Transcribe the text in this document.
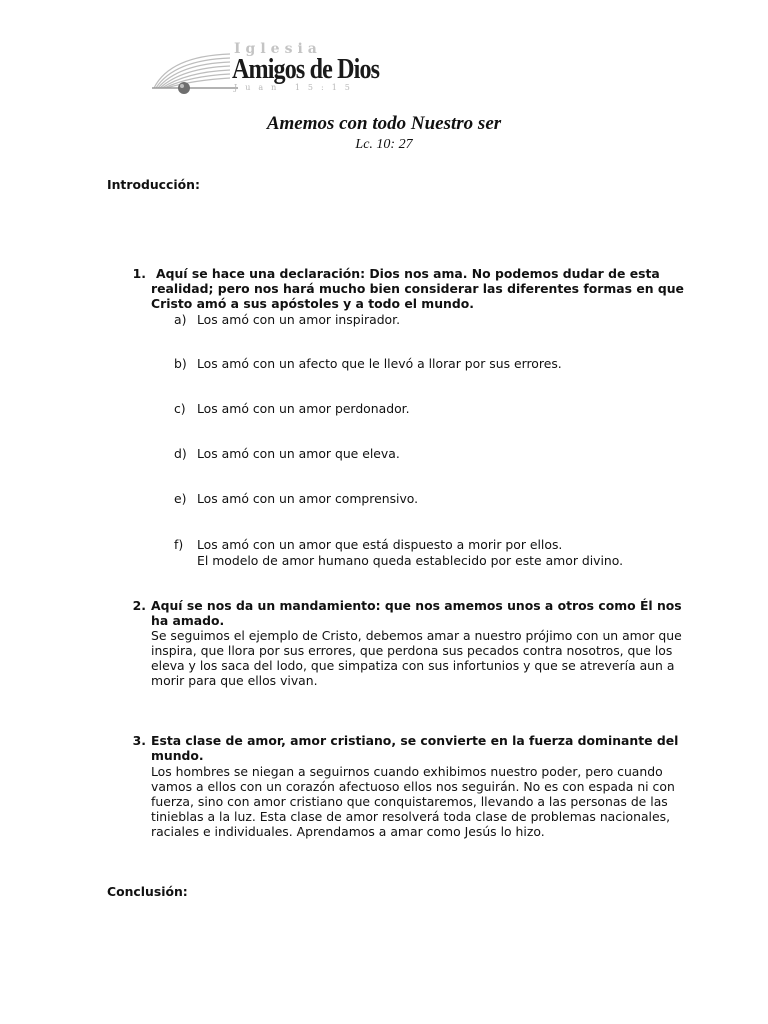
Iglesia
Amigos de Dios
Juan 15:15
Amemos con todo Nuestro ser
Lc. 10: 27
Introducción:
1. Aquí se hace una declaración: Dios nos ama. No podemos dudar de esta
realidad; pero nos hará mucho bien considerar las diferentes formas en que
Cristo amó a sus apóstoles y a todo el mundo.
a) Los amó con un amor inspirador.
b) Los amó con un afecto que le llevó a llorar por sus errores.
c) Los amó con un amor perdonador.
d) Los amó con un amor que eleva.
e) Los amó con un amor comprensivo.
f) Los amó con un amor que está dispuesto a morir por ellos.
El modelo de amor humano queda establecido por este amor divino.
2. Aquí se nos da un mandamiento: que nos amemos unos a otros como Él nos
ha amado.
Se seguimos el ejemplo de Cristo, debemos amar a nuestro prójimo con un amor que
inspira, que llora por sus errores, que perdona sus pecados contra nosotros, que los
eleva y los saca del lodo, que simpatiza con sus infortunios y que se atrevería aun a
morir para que ellos vivan.
3. Esta clase de amor, amor cristiano, se convierte en la fuerza dominante del
mundo.
Los hombres se niegan a seguirnos cuando exhibimos nuestro poder, pero cuando
vamos a ellos con un corazón afectuoso ellos nos seguirán. No es con espada ni con
fuerza, sino con amor cristiano que conquistaremos, llevando a las personas de las
tinieblas a la luz. Esta clase de amor resolverá toda clase de problemas nacionales,
raciales e individuales. Aprendamos a amar como Jesús lo hizo.
Conclusión:
